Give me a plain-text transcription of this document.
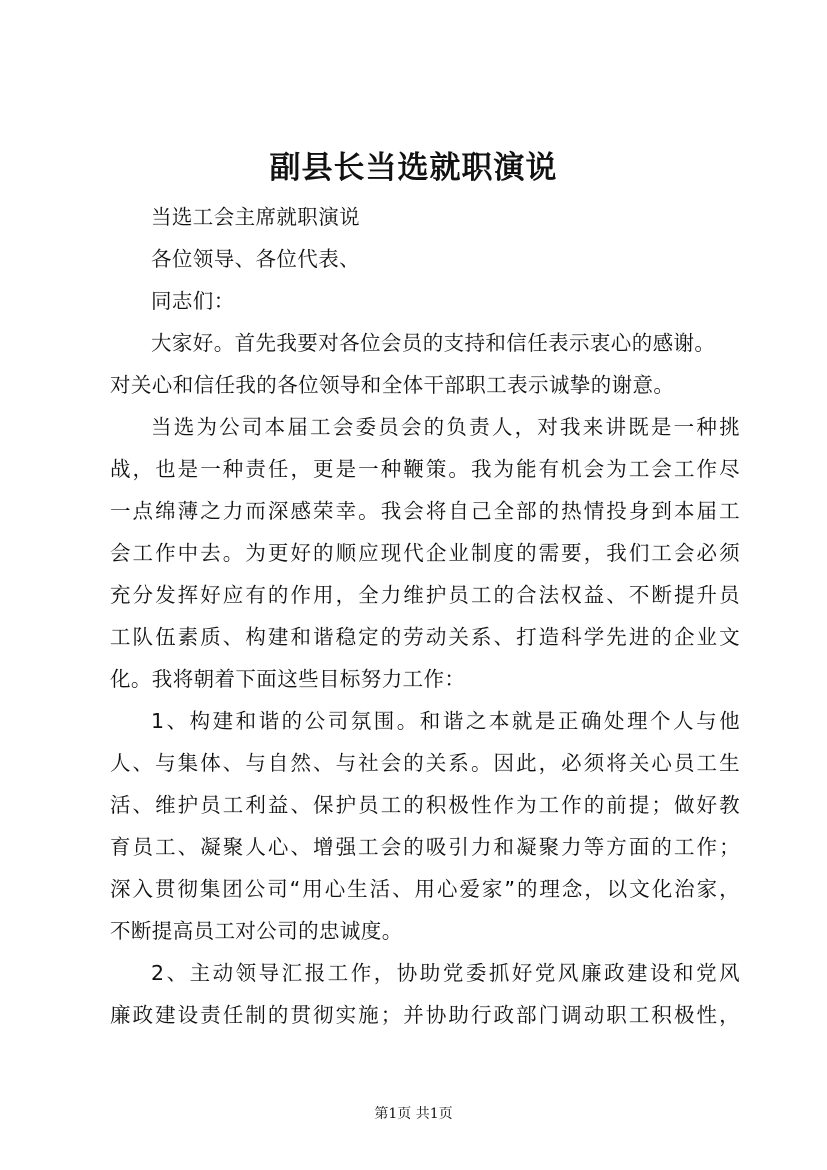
副县长当选就职演说
当选工会主席就职演说
各位领导、各位代表、
同志们：
大家好。首先我要对各位会员的支持和信任表示衷心的感谢。
对关心和信任我的各位领导和全体干部职工表示诚挚的谢意。
当选为公司本届工会委员会的负责人，对我来讲既是一种挑
战，也是一种责任，更是一种鞭策。我为能有机会为工会工作尽
一点绵薄之力而深感荣幸。我会将自己全部的热情投身到本届工
会工作中去。为更好的顺应现代企业制度的需要，我们工会必须
充分发挥好应有的作用，全力维护员工的合法权益、不断提升员
工队伍素质、构建和谐稳定的劳动关系、打造科学先进的企业文
化。我将朝着下面这些目标努力工作：
1、构建和谐的公司氛围。和谐之本就是正确处理个人与他
人、与集体、与自然、与社会的关系。因此，必须将关心员工生
活、维护员工利益、保护员工的积极性作为工作的前提；做好教
育员工、凝聚人心、增强工会的吸引力和凝聚力等方面的工作；
深入贯彻集团公司“用心生活、用心爱家”的理念，以文化治家，
不断提高员工对公司的忠诚度。
2、主动领导汇报工作，协助党委抓好党风廉政建设和党风
廉政建设责任制的贯彻实施；并协助行政部门调动职工积极性，
第1页 共1页
